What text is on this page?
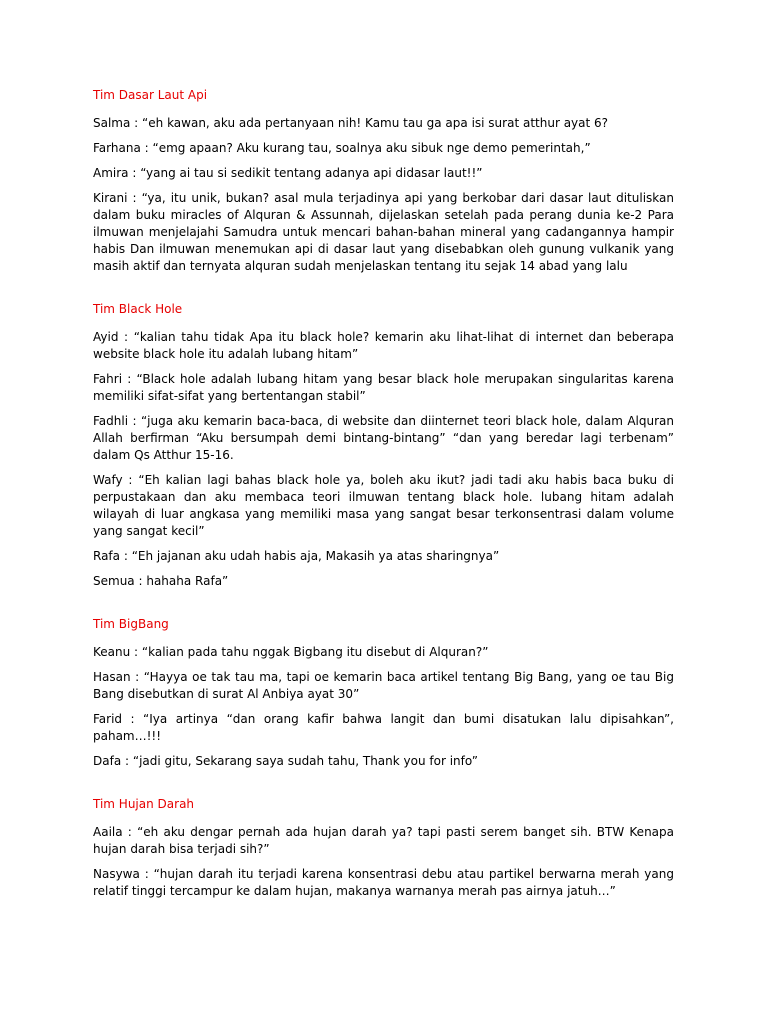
Tim Dasar Laut Api

Salma : “eh kawan, aku ada pertanyaan nih! Kamu tau ga apa isi surat atthur ayat 6?

Farhana : “emg apaan? Aku kurang tau, soalnya aku sibuk nge demo pemerintah,”

Amira : “yang ai tau si sedikit tentang adanya api didasar laut!!”

Kirani : “ya, itu unik, bukan? asal mula terjadinya api yang berkobar dari dasar laut dituliskan dalam buku miracles of Alquran & Assunnah, dijelaskan setelah pada perang dunia ke-2 Para ilmuwan menjelajahi Samudra untuk mencari bahan-bahan mineral yang cadangannya hampir habis Dan ilmuwan menemukan api di dasar laut yang disebabkan oleh gunung vulkanik yang masih aktif dan ternyata alquran sudah menjelaskan tentang itu sejak 14 abad yang lalu

Tim Black Hole

Ayid : “kalian tahu tidak Apa itu black hole? kemarin aku lihat-lihat di internet dan beberapa website black hole itu adalah lubang hitam”

Fahri : “Black hole adalah lubang hitam yang besar black hole merupakan singularitas karena memiliki sifat-sifat yang bertentangan stabil”

Fadhli : “juga aku kemarin baca-baca, di website dan diinternet teori black hole, dalam Alquran Allah berfirman “Aku bersumpah demi bintang-bintang” “dan yang beredar lagi terbenam” dalam Qs Atthur 15-16.

Wafy : “Eh kalian lagi bahas black hole ya, boleh aku ikut? jadi tadi aku habis baca buku di perpustakaan dan aku membaca teori ilmuwan tentang black hole. lubang hitam adalah wilayah di luar angkasa yang memiliki masa yang sangat besar terkonsentrasi dalam volume yang sangat kecil”

Rafa : “Eh jajanan aku udah habis aja, Makasih ya atas sharingnya”

Semua : hahaha Rafa”

Tim BigBang

Keanu : “kalian pada tahu nggak Bigbang itu disebut di Alquran?”

Hasan : “Hayya oe tak tau ma, tapi oe kemarin baca artikel tentang Big Bang, yang oe tau Big Bang disebutkan di surat Al Anbiya ayat 30”

Farid : “Iya artinya “dan orang kafir bahwa langit dan bumi disatukan lalu dipisahkan”, paham…!!!

Dafa : “jadi gitu, Sekarang saya sudah tahu, Thank you for info”

Tim Hujan Darah

Aaila : “eh aku dengar pernah ada hujan darah ya? tapi pasti serem banget sih. BTW Kenapa hujan darah bisa terjadi sih?”

Nasywa : “hujan darah itu terjadi karena konsentrasi debu atau partikel berwarna merah yang relatif tinggi tercampur ke dalam hujan, makanya warnanya merah pas airnya jatuh…”
